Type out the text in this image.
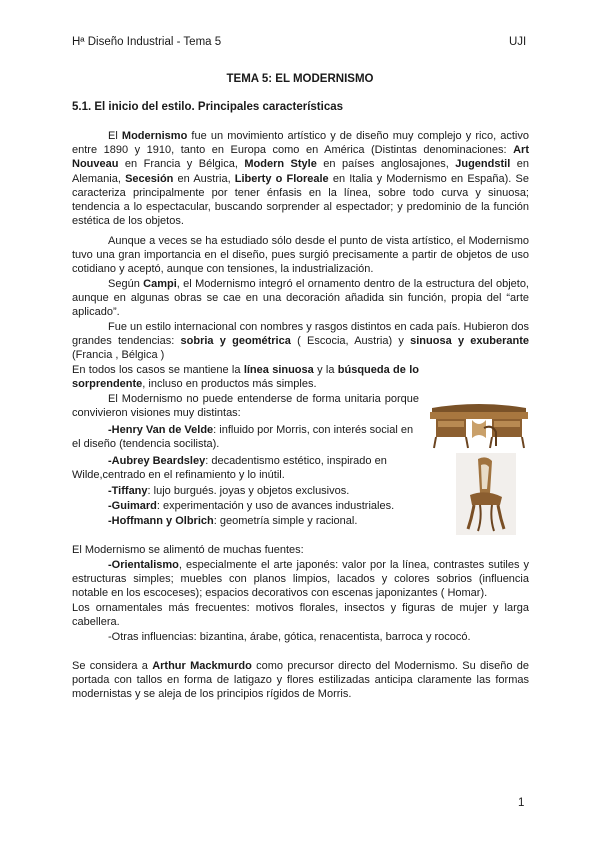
Hª Diseño Industrial - Tema 5	UJI
TEMA 5: EL MODERNISMO
5.1. El inicio del estilo. Principales características

El Modernismo fue un movimiento artístico y de diseño muy complejo y rico, activo entre 1890 y 1910, tanto en Europa como en América (Distintas denominaciones: Art Nouveau en Francia y Bélgica, Modern Style en países anglosajones, Jugendstil en Alemania, Secesión en Austria, Liberty o Floreale en Italia y Modernismo en España). Se caracteriza principalmente por tener énfasis en la línea, sobre todo curva y sinuosa; tendencia a lo espectacular, buscando sorprender al espectador; y predominio de la función estética de los objetos.

Aunque a veces se ha estudiado sólo desde el punto de vista artístico, el Modernismo tuvo una gran importancia en el diseño, pues surgió precisamente a partir de objetos de uso cotidiano y aceptó, aunque con tensiones, la industrialización.

Según Campi, el Modernismo integró el ornamento dentro de la estructura del objeto, aunque en algunas obras se cae en una decoración añadida sin función, propia del “arte aplicado”.

Fue un estilo internacional con nombres y rasgos distintos en cada país. Hubieron dos grandes tendencias: sobria y geométrica ( Escocia, Austria) y sinuosa y exuberante (Francia , Bélgica )

En todos los casos se mantiene la línea sinuosa y la búsqueda de lo sorprendente, incluso en productos más simples.

El Modernismo no puede entenderse de forma unitaria porque convivieron visiones muy distintas:

-Henry Van de Velde: influido por Morris, con interés social en
el diseño (tendencia socilista).
-Aubrey Beardsley: decadentismo estético, inspirado en
Wilde,centrado en el refinamiento y lo inútil.
-Tiffany: lujo burgués. joyas y objetos exclusivos.
-Guimard: experimentación y uso de avances industriales.
-Hoffmann y Olbrich: geometría simple y racional.
El Modernismo se alimentó de muchas fuentes:

-Orientalismo, especialmente el arte japonés: valor por la línea, contrastes sutiles y estructuras simples; muebles con planos limpios, lacados y colores sobrios (influencia notable en los escoceses); espacios decorativos con escenas japonizantes ( Homar).

Los ornamentales más frecuentes: motivos florales, insectos y figuras de mujer y larga cabellera.

-Otras influencias: bizantina, árabe, gótica, renacentista, barroca y rococó.

Se considera a Arthur Mackmurdo como precursor directo del Modernismo. Su diseño de portada con tallos en forma de latigazo y flores estilizadas anticipa claramente las formas modernistas y se aleja de los principios rígidos de Morris.

1
